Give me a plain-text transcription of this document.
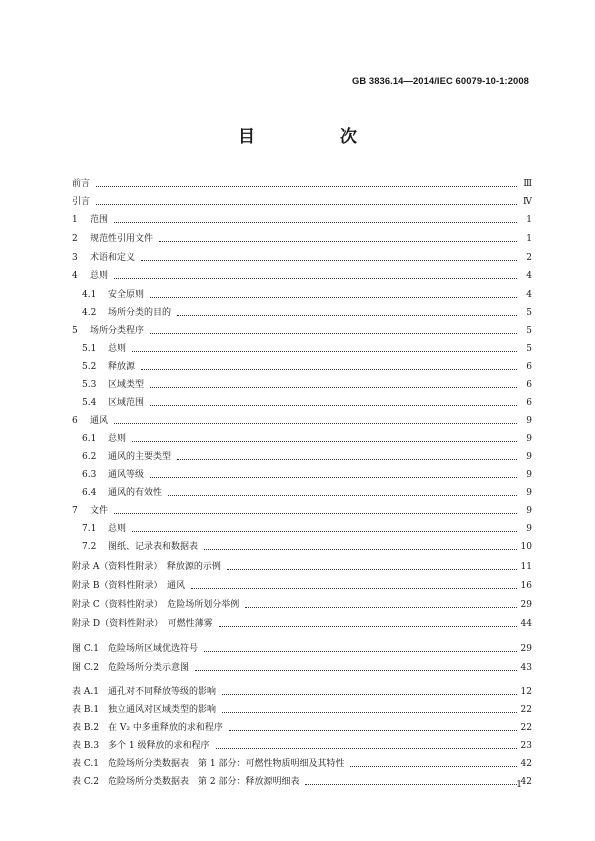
GB 3836.14—2014/IEC 60079-10-1:2008
目　次
前言	Ⅲ
引言	Ⅳ
1	范围	1
2	规范性引用文件	1
3	术语和定义	2
4	总则	4
4.1	安全原则	4
4.2	场所分类的目的	5
5	场所分类程序	5
5.1	总则	5
5.2	释放源	6
5.3	区域类型	6
5.4	区域范围	6
6	通风	9
6.1	总则	9
6.2	通风的主要类型	9
6.3	通风等级	9
6.4	通风的有效性	9
7	文件	9
7.1	总则	9
7.2	图纸、记录表和数据表	10
附录 A（资料性附录）　释放源的示例	11
附录 B（资料性附录）　通风	16
附录 C（资料性附录）　危险场所划分举例	29
附录 D（资料性附录）　可燃性薄雾	44
图 C.1　危险场所区域优选符号	29
图 C.2　危险场所分类示意图	43
表 A.1　通孔对不同释放等级的影响	12
表 B.1　独立通风对区域类型的影响	22
表 B.2　在 V₂ 中多重释放的求和程序	22
表 B.3　多个 1 级释放的求和程序	23
表 C.1　危险场所分类数据表　第 1 部分：可燃性物质明细及其特性	42
表 C.2　危险场所分类数据表　第 2 部分：释放源明细表	42
1
